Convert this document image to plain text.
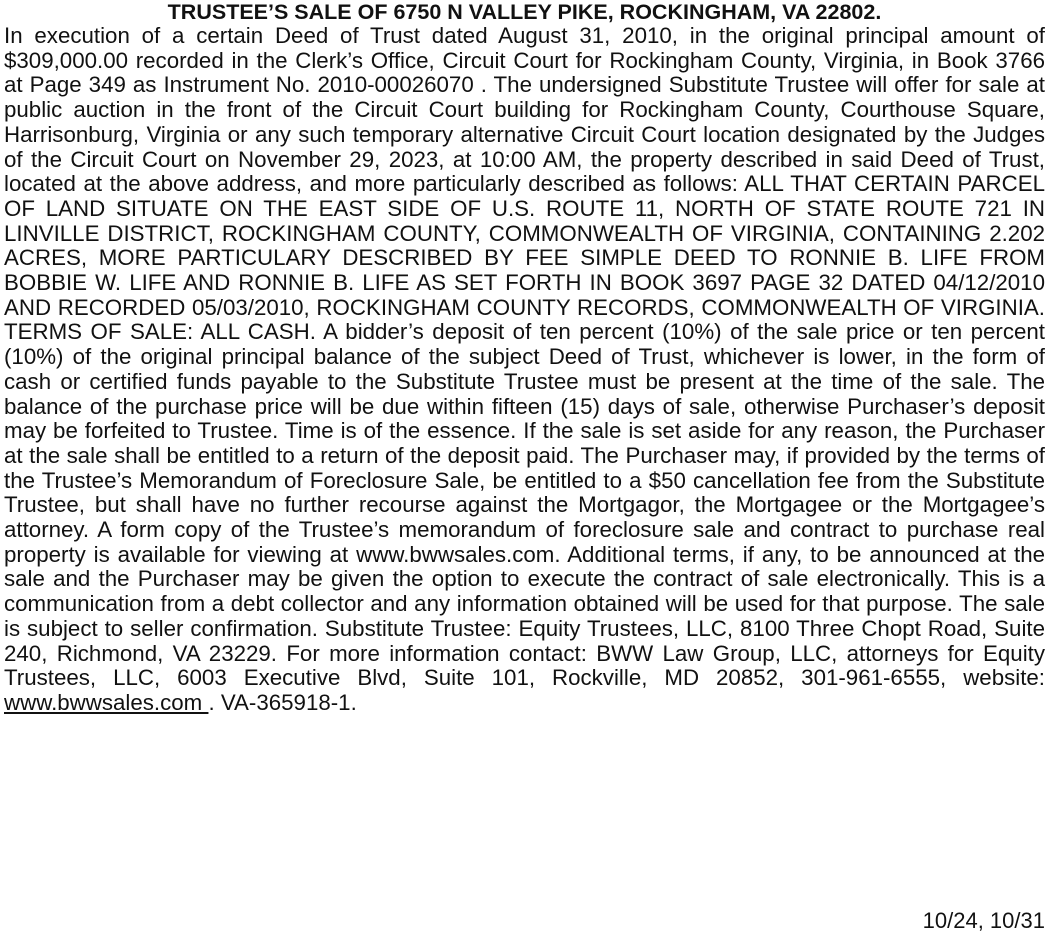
TRUSTEE’S SALE OF 6750 N VALLEY PIKE, ROCKINGHAM, VA 22802.

In execution of a certain Deed of Trust dated August 31, 2010, in the original principal amount of $309,000.00 recorded in the Clerk’s Office, Circuit Court for Rockingham County, Virginia, in Book 3766 at Page 349 as Instrument No. 2010-00026070 . The undersigned Substitute Trustee will offer for sale at public auction in the front of the Circuit Court building for Rockingham County, Courthouse Square, Harrisonburg, Virginia or any such temporary alternative Circuit Court location designated by the Judges of the Circuit Court on November 29, 2023, at 10:00 AM, the property described in said Deed of Trust, located at the above address, and more particularly described as follows: ALL THAT CERTAIN PARCEL OF LAND SITUATE ON THE EAST SIDE OF U.S. ROUTE 11, NORTH OF STATE ROUTE 721 IN LINVILLE DISTRICT, ROCKINGHAM COUNTY, COMMONWEALTH OF VIRGINIA, CONTAINING 2.202 ACRES, MORE PARTICULARY DESCRIBED BY FEE SIMPLE DEED TO RONNIE B. LIFE FROM BOBBIE W. LIFE AND RONNIE B. LIFE AS SET FORTH IN BOOK 3697 PAGE 32 DATED 04/12/2010 AND RECORDED 05/03/2010, ROCKINGHAM COUNTY RECORDS, COMMONWEALTH OF VIRGINIA. TERMS OF SALE: ALL CASH. A bidder’s deposit of ten percent (10%) of the sale price or ten percent (10%) of the original principal balance of the subject Deed of Trust, whichever is lower, in the form of cash or certified funds payable to the Substitute Trustee must be present at the time of the sale. The balance of the purchase price will be due within fifteen (15) days of sale, otherwise Purchaser’s deposit may be forfeited to Trustee. Time is of the essence. If the sale is set aside for any reason, the Purchaser at the sale shall be entitled to a return of the deposit paid. The Purchaser may, if provided by the terms of the Trustee’s Memorandum of Foreclosure Sale, be entitled to a $50 cancellation fee from the Substitute Trustee, but shall have no further recourse against the Mortgagor, the Mortgagee or the Mortgagee’s attorney. A form copy of the Trustee’s memorandum of foreclosure sale and contract to purchase real property is available for viewing at www.bwwsales.com. Additional terms, if any, to be announced at the sale and the Purchaser may be given the option to execute the contract of sale electronically. This is a communication from a debt collector and any information obtained will be used for that purpose. The sale is subject to seller confirmation. Substitute Trustee: Equity Trustees, LLC, 8100 Three Chopt Road, Suite 240, Richmond, VA 23229. For more information contact: BWW Law Group, LLC, attorneys for Equity Trustees, LLC, 6003 Executive Blvd, Suite 101, Rockville, MD 20852, 301-961-6555, website: www.bwwsales.com . VA-365918-1.

10/24, 10/31
